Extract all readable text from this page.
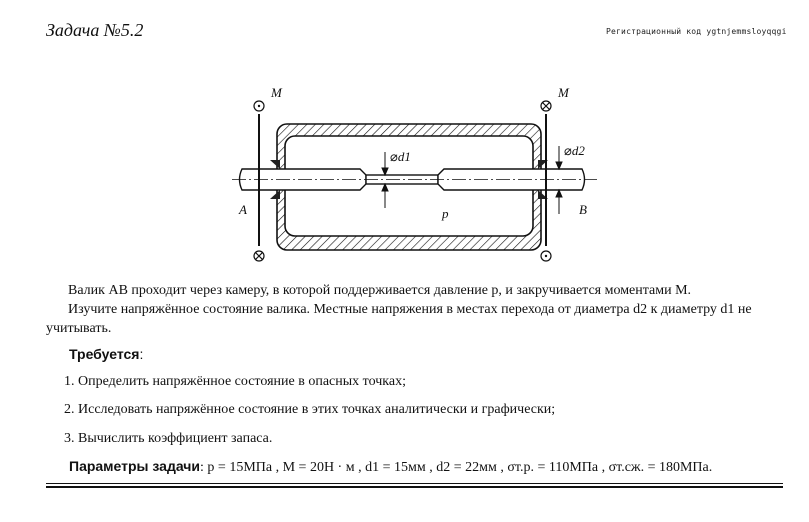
Задача №5.2	Регистрационный код ygtnjemmsloyqqgi
M	M
A	B
p
⌀d1	⌀d2

Валик AB проходит через камеру, в которой поддерживается давление p, и закручивается моментами M.

Изучите напряжённое состояние валика. Местные напряжения в местах перехода от диаметра d2 к диаметру d1 не учитывать.

Требуется:
1. Определить напряжённое состояние в опасных точках;
2. Исследовать напряжённое состояние в этих точках аналитически и графически;
3. Вычислить коэффициент запаса.
Параметры задачи: p = 15МПа , M = 20Н · м , d1 = 15мм , d2 = 22мм , σт.р. = 110МПа , σт.сж. = 180МПа.
